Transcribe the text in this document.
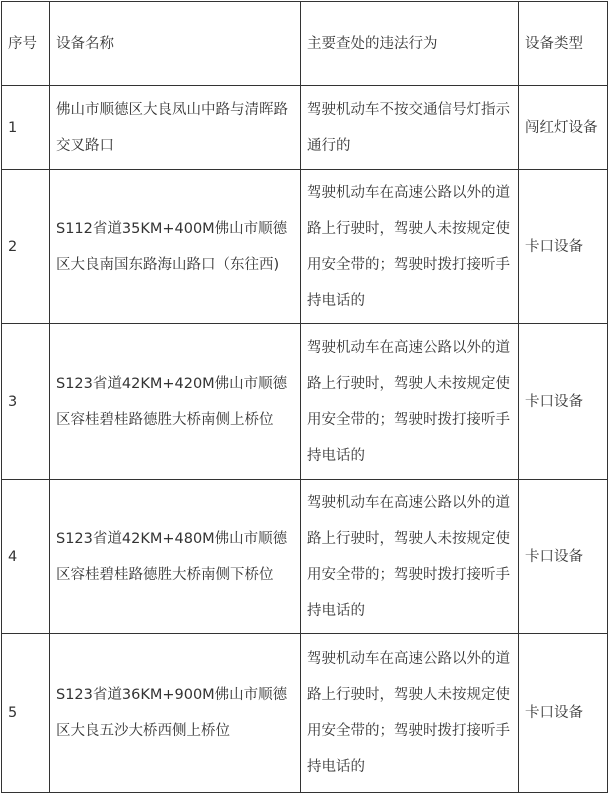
序号	设备名称	主要查处的违法行为	设备类型
1	佛山市顺德区大良凤山中路与清晖路交叉路口	驾驶机动车不按交通信号灯指示通行的	闯红灯设备
2	S112省道35KM+400M佛山市顺德区大良南国东路海山路口（东往西)	驾驶机动车在高速公路以外的道路上行驶时，驾驶人未按规定使用安全带的；驾驶时拨打接听手持电话的	卡口设备
3	S123省道42KM+420M佛山市顺德区容桂碧桂路德胜大桥南侧上桥位	驾驶机动车在高速公路以外的道路上行驶时，驾驶人未按规定使用安全带的；驾驶时拨打接听手持电话的	卡口设备
4	S123省道42KM+480M佛山市顺德区容桂碧桂路德胜大桥南侧下桥位	驾驶机动车在高速公路以外的道路上行驶时，驾驶人未按规定使用安全带的；驾驶时拨打接听手持电话的	卡口设备
5	S123省道36KM+900M佛山市顺德区大良五沙大桥西侧上桥位	驾驶机动车在高速公路以外的道路上行驶时，驾驶人未按规定使用安全带的；驾驶时拨打接听手持电话的	卡口设备
